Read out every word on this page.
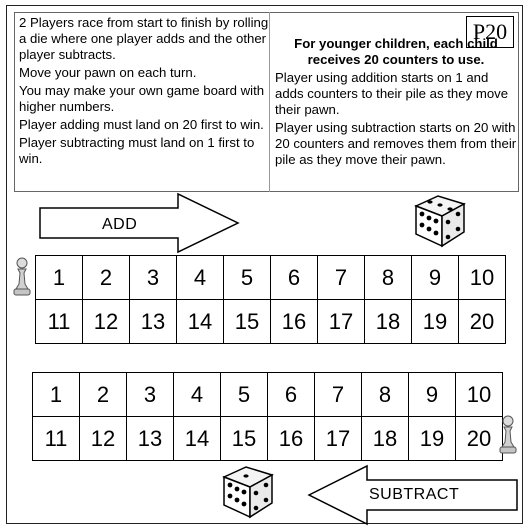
2 Players race from start to finish by rolling a die where one player adds and the other player subtracts.

Move your pawn on each turn.

You may make your own game board with higher numbers.

Player adding must land on 20 first to win.

Player subtracting must land on 1 first to win.

For younger children, each child receives 20 counters to use.

Player using addition starts on 1 and adds counters to their pile as they move their pawn.

Player using subtraction starts on 20 with 20 counters and removes them from their pile as they move their pawn.

P20
ADD
1	2	3	4	5	6	7	8	9	10
11	12	13	14	15	16	17	18	19	20
1	2	3	4	5	6	7	8	9	10
11	12	13	14	15	16	17	18	19	20
SUBTRACT
